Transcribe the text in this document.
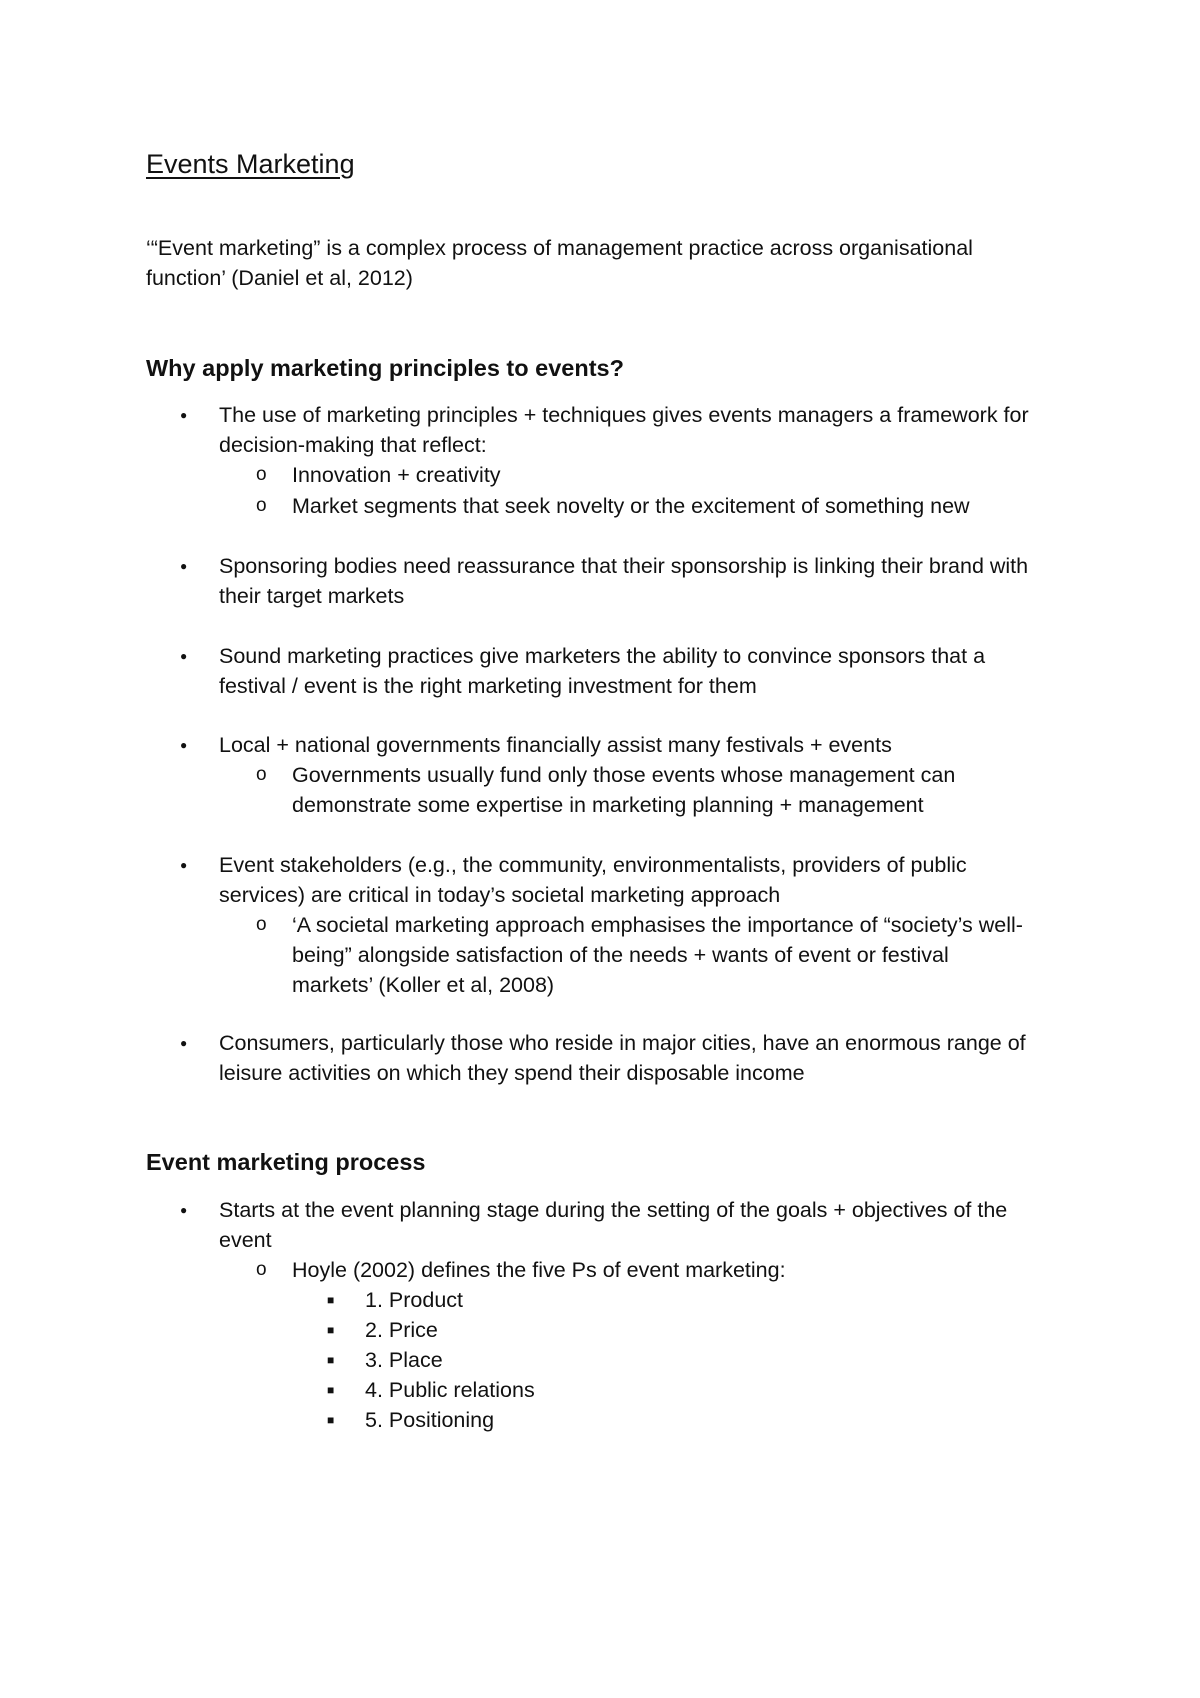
Events Marketing

‘“Event marketing” is a complex process of management practice across organisational

function’ (Daniel et al, 2012)

Why apply marketing principles to events?
● The use of marketing principles + techniques gives events managers a framework for

decision-making that reflect:

o Innovation + creativity

o Market segments that seek novelty or the excitement of something new

● Sponsoring bodies need reassurance that their sponsorship is linking their brand with

their target markets

● Sound marketing practices give marketers the ability to convince sponsors that a

festival / event is the right marketing investment for them

● Local + national governments financially assist many festivals + events

o Governments usually fund only those events whose management can

demonstrate some expertise in marketing planning + management

● Event stakeholders (e.g., the community, environmentalists, providers of public

services) are critical in today’s societal marketing approach

o ‘A societal marketing approach emphasises the importance of “society’s well-

being” alongside satisfaction of the needs + wants of event or festival

markets’ (Koller et al, 2008)

● Consumers, particularly those who reside in major cities, have an enormous range of

leisure activities on which they spend their disposable income

Event marketing process
● Starts at the event planning stage during the setting of the goals + objectives of the

event

o Hoyle (2002) defines the five Ps of event marketing:

■ 1. Product

■ 2. Price

■ 3. Place

■ 4. Public relations

■ 5. Positioning
